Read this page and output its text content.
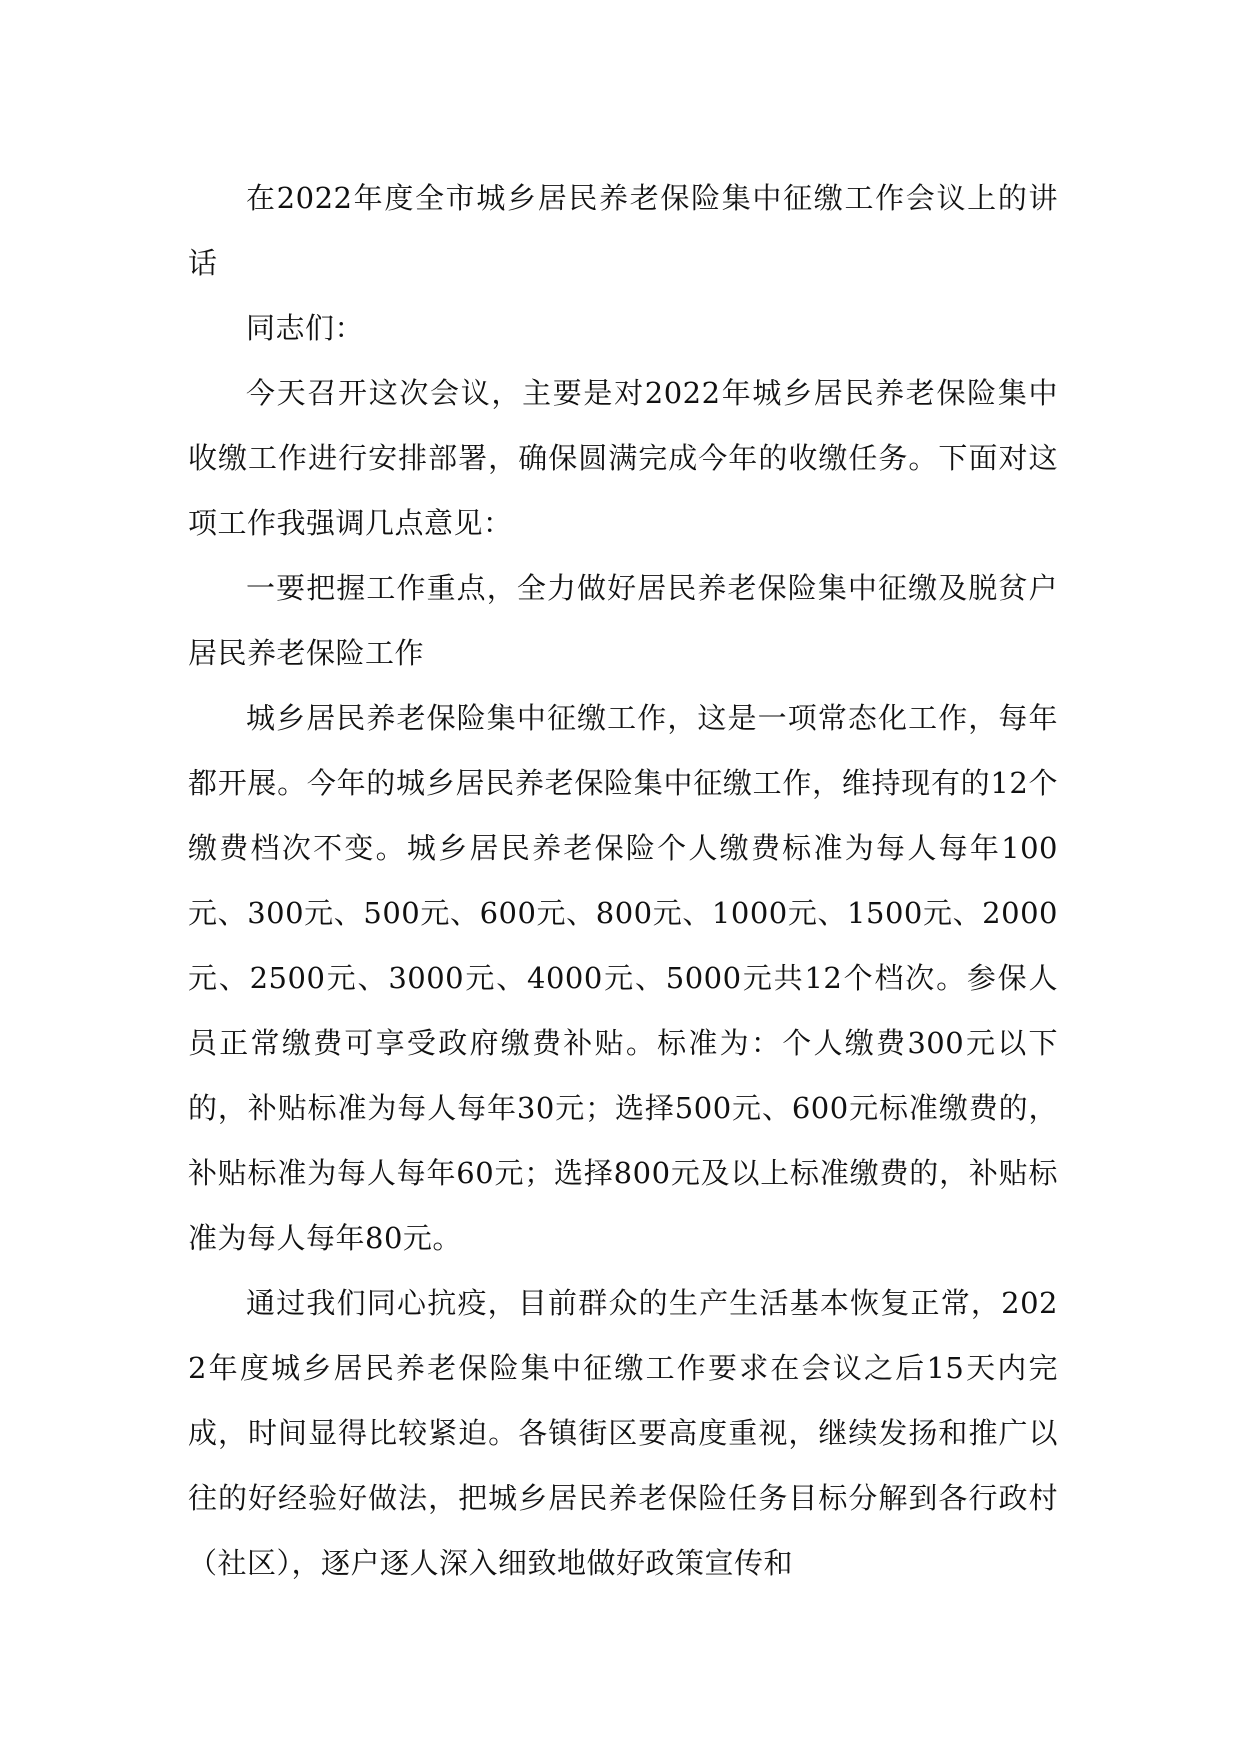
在2022年度全市城乡居民养老保险集中征缴工作会议上的讲话

同志们：

今天召开这次会议，主要是对2022年城乡居民养老保险集中收缴工作进行安排部署，确保圆满完成今年的收缴任务。下面对这项工作我强调几点意见：

一要把握工作重点，全力做好居民养老保险集中征缴及脱贫户居民养老保险工作

城乡居民养老保险集中征缴工作，这是一项常态化工作，每年都开展。今年的城乡居民养老保险集中征缴工作，维持现有的12个缴费档次不变。城乡居民养老保险个人缴费标准为每人每年100元、300元、500元、600元、800元、1000元、1500元、2000元、2500元、3000元、4000元、5000元共12个档次。参保人员正常缴费可享受政府缴费补贴。标准为：个人缴费300元以下的，补贴标准为每人每年30元；选择500元、600元标准缴费的，补贴标准为每人每年60元；选择800元及以上标准缴费的，补贴标准为每人每年80元。

通过我们同心抗疫，目前群众的生产生活基本恢复正常，2022年度城乡居民养老保险集中征缴工作要求在会议之后15天内完成，时间显得比较紧迫。各镇街区要高度重视，继续发扬和推广以往的好经验好做法，把城乡居民养老保险任务目标分解到各行政村（社区），逐户逐人深入细致地做好政策宣传和
